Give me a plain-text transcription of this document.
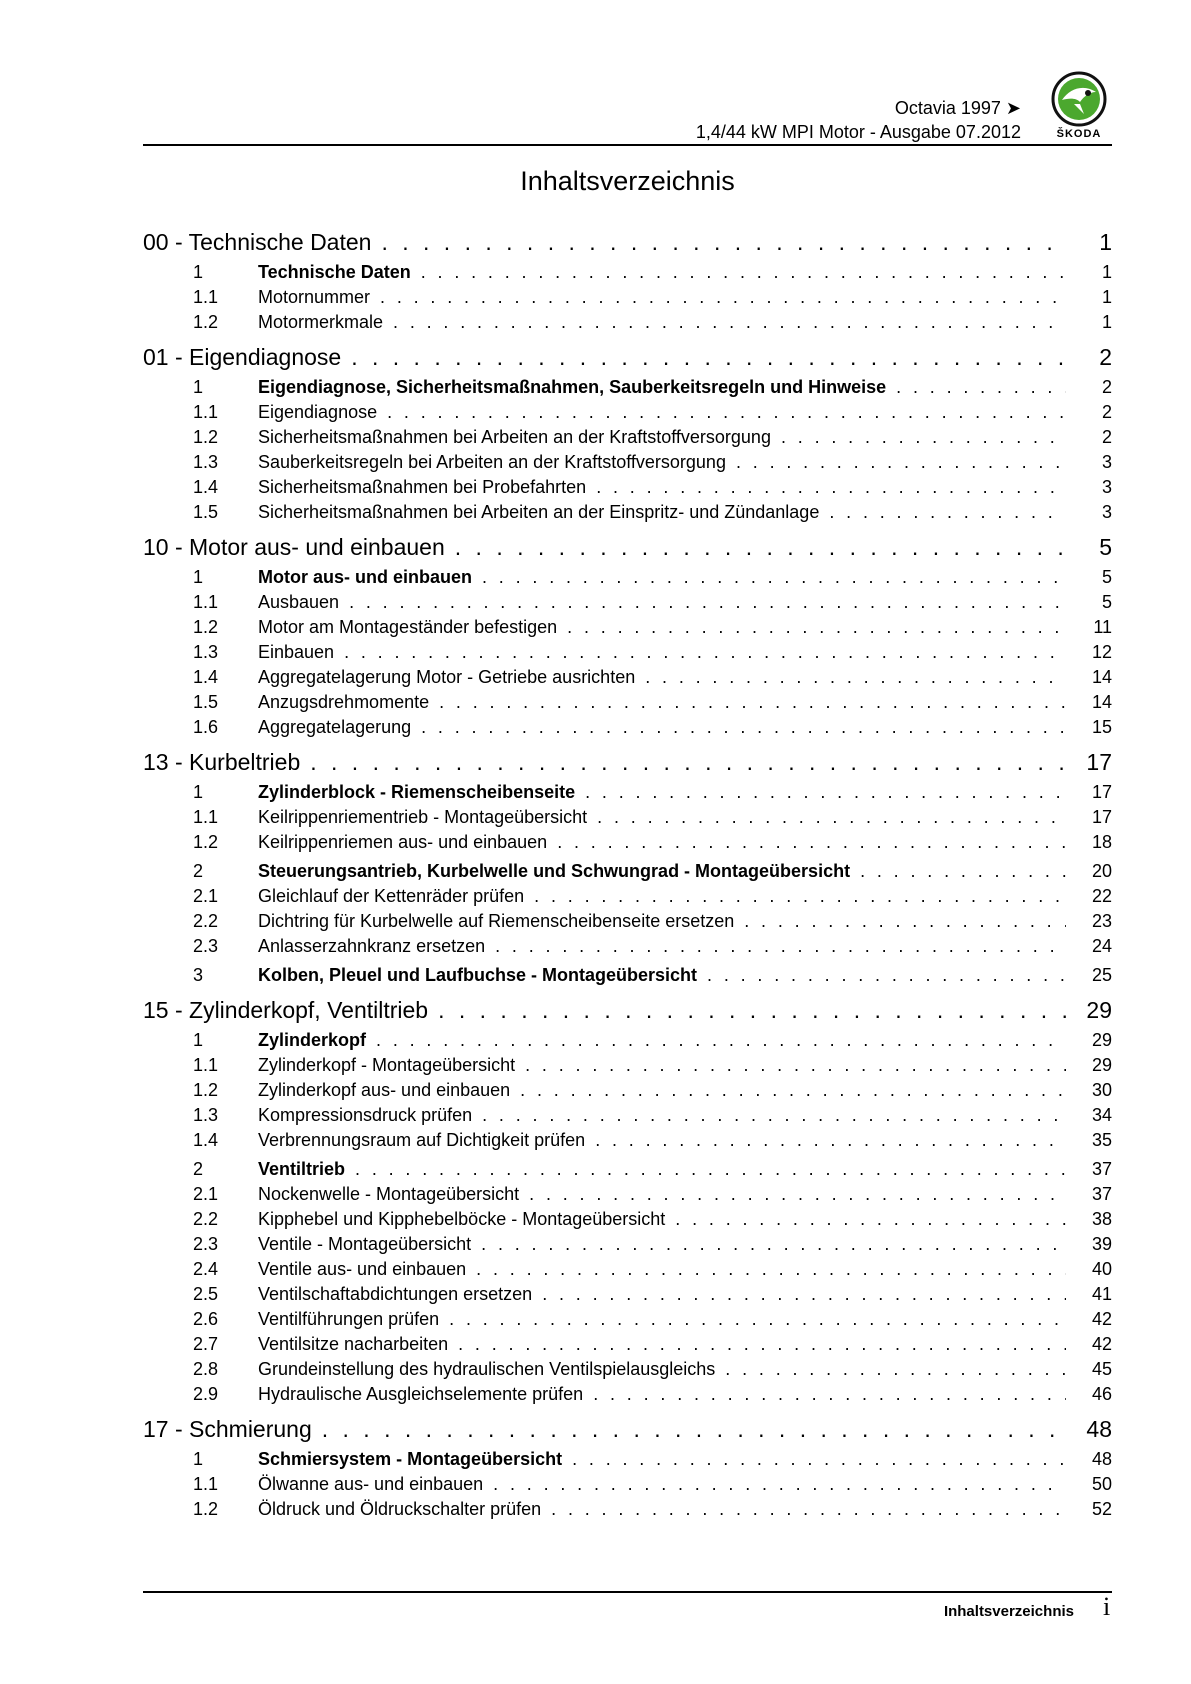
Octavia 1997 ➤
1,4/44 kW MPI Motor - Ausgabe 07.2012	ŠKODA
Inhaltsverzeichnis
00 - Technische Daten . . .	1
1	Technische Daten . . .	1
1.1	Motornummer . . .	1
1.2	Motormerkmale . . .	1
01 - Eigendiagnose . . .	2
1	Eigendiagnose, Sicherheitsmaßnahmen, Sauberkeitsregeln und Hinweise . . .	2
1.1	Eigendiagnose . . .	2
1.2	Sicherheitsmaßnahmen bei Arbeiten an der Kraftstoffversorgung . . .	2
1.3	Sauberkeitsregeln bei Arbeiten an der Kraftstoffversorgung . . .	3
1.4	Sicherheitsmaßnahmen bei Probefahrten . . .	3
1.5	Sicherheitsmaßnahmen bei Arbeiten an der Einspritz- und Zündanlage . . .	3
10 - Motor aus- und einbauen . . .	5
1	Motor aus- und einbauen . . .	5
1.1	Ausbauen . . .	5
1.2	Motor am Montageständer befestigen . . .	11
1.3	Einbauen . . .	12
1.4	Aggregatelagerung Motor - Getriebe ausrichten . . .	14
1.5	Anzugsdrehmomente . . .	14
1.6	Aggregatelagerung . . .	15
13 - Kurbeltrieb . . .	17
1	Zylinderblock - Riemenscheibenseite . . .	17
1.1	Keilrippenriementrieb - Montageübersicht . . .	17
1.2	Keilrippenriemen aus- und einbauen . . .	18
2	Steuerungsantrieb, Kurbelwelle und Schwungrad - Montageübersicht . . .	20
2.1	Gleichlauf der Kettenräder prüfen . . .	22
2.2	Dichtring für Kurbelwelle auf Riemenscheibenseite ersetzen . . .	23
2.3	Anlasserzahnkranz ersetzen . . .	24
3	Kolben, Pleuel und Laufbuchse - Montageübersicht . . .	25
15 - Zylinderkopf, Ventiltrieb . . .	29
1	Zylinderkopf . . .	29
1.1	Zylinderkopf - Montageübersicht . . .	29
1.2	Zylinderkopf aus- und einbauen . . .	30
1.3	Kompressionsdruck prüfen . . .	34
1.4	Verbrennungsraum auf Dichtigkeit prüfen . . .	35
2	Ventiltrieb . . .	37
2.1	Nockenwelle - Montageübersicht . . .	37
2.2	Kipphebel und Kipphebelböcke - Montageübersicht . . .	38
2.3	Ventile - Montageübersicht . . .	39
2.4	Ventile aus- und einbauen . . .	40
2.5	Ventilschaftabdichtungen ersetzen . . .	41
2.6	Ventilführungen prüfen . . .	42
2.7	Ventilsitze nacharbeiten . . .	42
2.8	Grundeinstellung des hydraulischen Ventilspielausgleichs . . .	45
2.9	Hydraulische Ausgleichselemente prüfen . . .	46
17 - Schmierung . . .	48
1	Schmiersystem - Montageübersicht . . .	48
1.1	Ölwanne aus- und einbauen . . .	50
1.2	Öldruck und Öldruckschalter prüfen . . .	52
Inhaltsverzeichnis i
